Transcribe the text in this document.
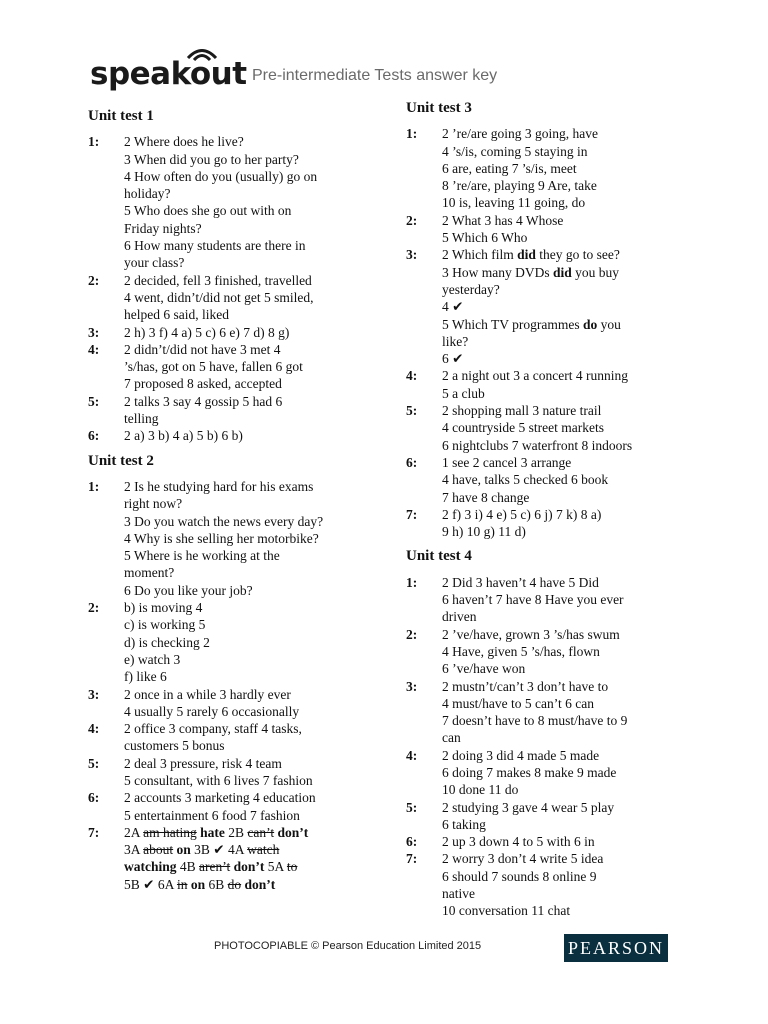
speakout Pre-intermediate Tests answer key
Unit test 1
1:	2 Where does he live?
3 When did you go to her party?
4 How often do you (usually) go on
holiday?
5 Who does she go out with on
Friday nights?
6 How many students are there in
your class?
2:	2 decided, fell 3 finished, travelled
4 went, didn’t/did not get 5 smiled,
helped 6 said, liked
3:	2 h) 3 f) 4 a) 5 c) 6 e) 7 d) 8 g)
4:	2 didn’t/did not have 3 met 4
’s/has, got on 5 have, fallen 6 got
7 proposed 8 asked, accepted
5:	2 talks 3 say 4 gossip 5 had 6
telling
6:	2 a) 3 b) 4 a) 5 b) 6 b)
Unit test 2
1:	2 Is he studying hard for his exams
right now?
3 Do you watch the news every day?
4 Why is she selling her motorbike?
5 Where is he working at the
moment?
6 Do you like your job?
2:	b) is moving 4
c) is working 5
d) is checking 2
e) watch 3
f) like 6
3:	2 once in a while 3 hardly ever
4 usually 5 rarely 6 occasionally
4:	2 office 3 company, staff 4 tasks,
customers 5 bonus
5:	2 deal 3 pressure, risk 4 team
5 consultant, with 6 lives 7 fashion
6:	2 accounts 3 marketing 4 education
5 entertainment 6 food 7 fashion
7:	2A am hating hate 2B can’t don’t
3A about on 3B ✔ 4A watch
watching 4B aren’t don’t 5A to
5B ✔ 6A in on 6B do don’t
Unit test 3
1:	2 ’re/are going 3 going, have
4 ’s/is, coming 5 staying in
6 are, eating 7 ’s/is, meet
8 ’re/are, playing 9 Are, take
10 is, leaving 11 going, do
2:	2 What 3 has 4 Whose
5 Which 6 Who
3:	2 Which film did they go to see?
3 How many DVDs did you buy
yesterday?
4 ✔
5 Which TV programmes do you
like?
6 ✔
4:	2 a night out 3 a concert 4 running
5 a club
5:	2 shopping mall 3 nature trail
4 countryside 5 street markets
6 nightclubs 7 waterfront 8 indoors
6:	1 see 2 cancel 3 arrange
4 have, talks 5 checked 6 book
7 have 8 change
7:	2 f) 3 i) 4 e) 5 c) 6 j) 7 k) 8 a)
9 h) 10 g) 11 d)
Unit test 4
1:	2 Did 3 haven’t 4 have 5 Did
6 haven’t 7 have 8 Have you ever
driven
2:	2 ’ve/have, grown 3 ’s/has swum
4 Have, given 5 ’s/has, flown
6 ’ve/have won
3:	2 mustn’t/can’t 3 don’t have to
4 must/have to 5 can’t 6 can
7 doesn’t have to 8 must/have to 9
can
4:	2 doing 3 did 4 made 5 made
6 doing 7 makes 8 make 9 made
10 done 11 do
5:	2 studying 3 gave 4 wear 5 play
6 taking
6:	2 up 3 down 4 to 5 with 6 in
7:	2 worry 3 don’t 4 write 5 idea
6 should 7 sounds 8 online 9
native
10 conversation 11 chat
PHOTOCOPIABLE © Pearson Education Limited 2015	PEARSON
